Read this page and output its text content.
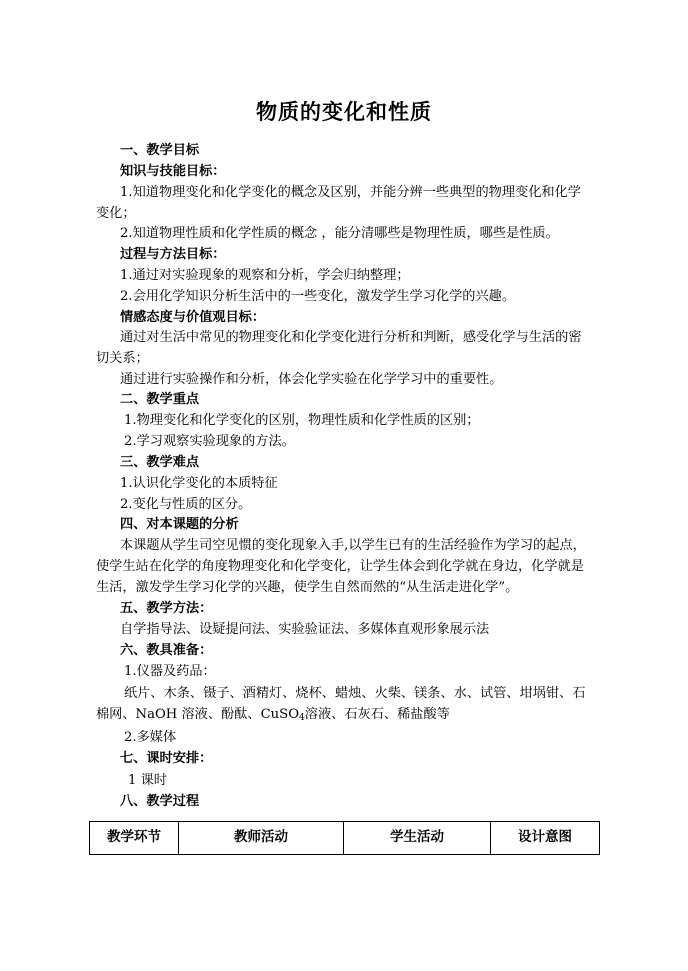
物质的变化和性质
一、教学目标
知识与技能目标：
1.知道物理变化和化学变化的概念及区别，并能分辨一些典型的物理变化和化学
变化；
2.知道物理性质和化学性质的概念 ，能分清哪些是物理性质，哪些是性质。
过程与方法目标：
1.通过对实验现象的观察和分析，学会归纳整理；
2.会用化学知识分析生活中的一些变化，激发学生学习化学的兴趣。
情感态度与价值观目标：
通过对生活中常见的物理变化和化学变化进行分析和判断，感受化学与生活的密
切关系；
通过进行实验操作和分析，体会化学实验在化学学习中的重要性。
二、教学重点
1.物理变化和化学变化的区别，物理性质和化学性质的区别；
2.学习观察实验现象的方法。
三、教学难点
1.认识化学变化的本质特征
2.变化与性质的区分。
四、对本课题的分析
本课题从学生司空见惯的变化现象入手,以学生已有的生活经验作为学习的起点，
使学生站在化学的角度物理变化和化学变化，让学生体会到化学就在身边，化学就是
生活，激发学生学习化学的兴趣，使学生自然而然的“从生活走进化学”。
五、教学方法：
自学指导法、设疑提问法、实验验证法、多媒体直观形象展示法
六、教具准备：
1.仪器及药品：
纸片、木条、镊子、酒精灯、烧杯、蜡烛、火柴、镁条、水、试管、坩埚钳、石
棉网、NaOH 溶液、酚酞、CuSO$_4$溶液、石灰石、稀盐酸等
2.多媒体
七、课时安排：
1 课时
八、教学过程
教学环节	教师活动	学生活动	设计意图
